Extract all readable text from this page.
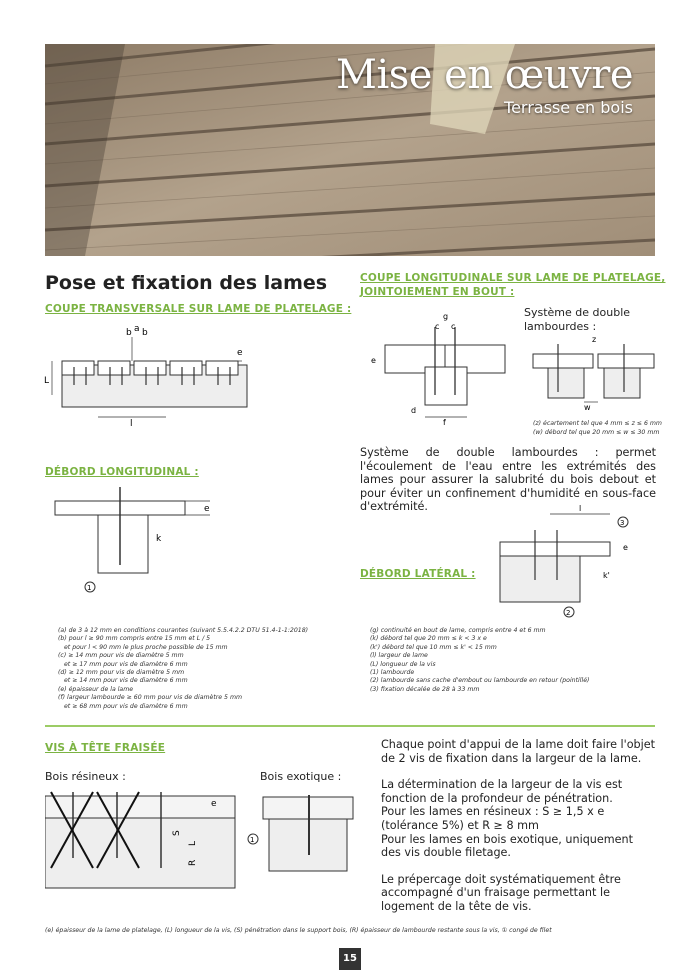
Mise en œuvre
Terrasse en bois
Pose et fixation des lames
COUPE TRANSVERSALE SUR LAME DE PLATELAGE :
L
l
b a b
e
DÉBORD LONGITUDINAL :
e
k
1
COUPE LONGITUDINALE SUR LAME DE PLATELAGE,
JOINTOIEMENT EN BOUT :
g
c c
e
d
f
Système de double
lambourdes :
z
w
(z) écartement tel que 4 mm ≤ z ≤ 6 mm
(w) débord tel que 20 mm ≤ w ≤ 30 mm
Système de double lambourdes : permet l'écoulement de l'eau entre les extrémités des lames pour assurer la salubrité du bois debout et pour éviter un confinement d'humidité en sous-face d'extrémité.	l
e
k'
3
2
DÉBORD LATÉRAL :
(a) de 3 à 12 mm en conditions courantes (suivant 5.5.4.2.2 DTU 51.4-1-1:2018)
(b) pour l ≥ 90 mm compris entre 15 mm et L / 5
et pour l < 90 mm le plus proche possible de 15 mm
(c) ≥ 14 mm pour vis de diamètre 5 mm
et ≥ 17 mm pour vis de diamètre 6 mm
(d) ≥ 12 mm pour vis de diamètre 5 mm
et ≥ 14 mm pour vis de diamètre 6 mm
(e) épaisseur de la lame
(f) largeur lambourde ≥ 60 mm pour vis de diamètre 5 mm
et ≥ 68 mm pour vis de diamètre 6 mm
(g) continuité en bout de lame, compris entre 4 et 6 mm
(k) débord tel que 20 mm ≤ k < 3 x e
(k') débord tel que 10 mm ≤ k' < 15 mm
(l) largeur de lame
(L) longueur de la vis
(1) lambourde
(2) lambourde sans cache d'embout ou lambourde en retour (pointillé)
(3) fixation décalée de 28 à 33 mm
VIS À TÊTE FRAISÉE
Bois résineux :	Bois exotique :
e
S
L
R
1
Chaque point d'appui de la lame doit faire l'objet de 2 vis de fixation dans la largeur de la lame.
La détermination de la largeur de la vis est fonction de la profondeur de pénétration.
Pour les lames en résineux : S ≥ 1,5 x e (tolérance 5%) et R ≥ 8 mm
Pour les lames en bois exotique, uniquement des vis double filetage.
Le prépercage doit systématiquement être accompagné d'un fraisage permettant le logement de la tête de vis.
(e) épaisseur de la lame de platelage, (L) longueur de la vis, (S) pénétration dans le support bois, (R) épaisseur de lambourde restante sous la vis, ① congé de filet
15
